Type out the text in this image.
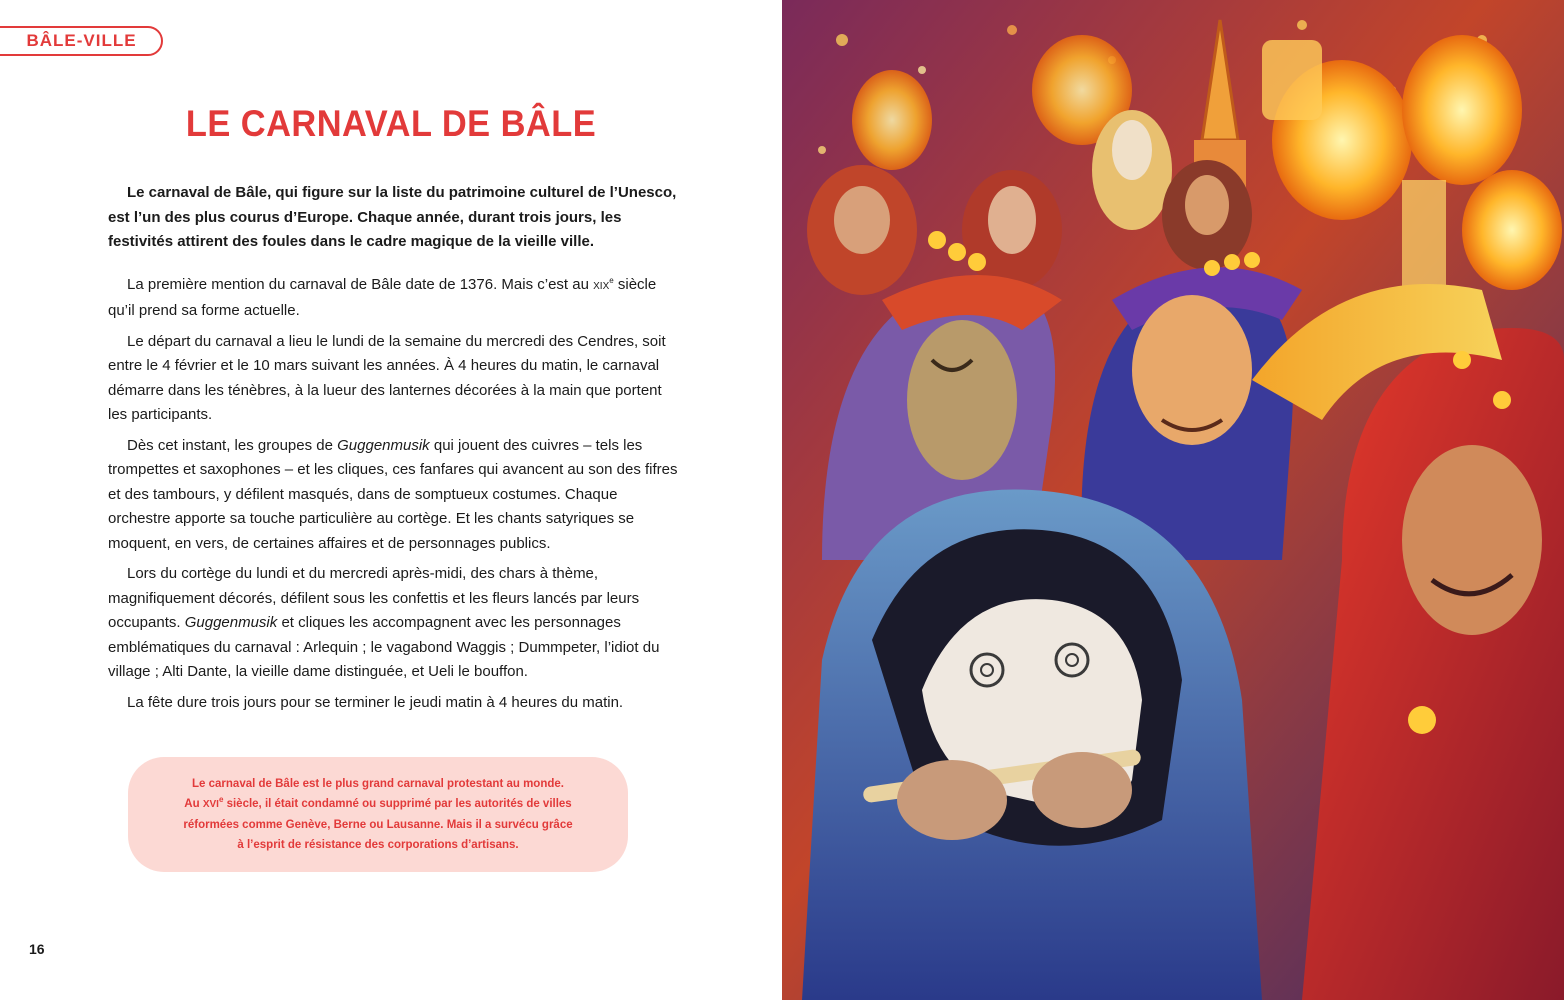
BÂLE-VILLE
LE CARNAVAL DE BÂLE

Le carnaval de Bâle, qui figure sur la liste du patrimoine culturel de l’Unesco, est l’un des plus courus d’Europe. Chaque année, durant trois jours, les festivités attirent des foules dans le cadre magique de la vieille ville.

La première mention du carnaval de Bâle date de 1376. Mais c’est au XIXe siècle qu’il prend sa forme actuelle.

Le départ du carnaval a lieu le lundi de la semaine du mercredi des Cendres, soit entre le 4 février et le 10 mars suivant les années. À 4 heures du matin, le carnaval démarre dans les ténèbres, à la lueur des lanternes décorées à la main que portent les participants.

Dès cet instant, les groupes de Guggenmusik qui jouent des cuivres – tels les trompettes et saxophones – et les cliques, ces fanfares qui avancent au son des fifres et des tambours, y défilent masqués, dans de somptueux costumes. Chaque orchestre apporte sa touche particulière au cortège. Et les chants satyriques se moquent, en vers, de certaines affaires et de personnages publics.

Lors du cortège du lundi et du mercredi après-midi, des chars à thème, magnifiquement décorés, défilent sous les confettis et les fleurs lancés par leurs occupants. Guggenmusik et cliques les accompagnent avec les personnages emblématiques du carnaval : Arlequin ; le vagabond Waggis ; Dummpeter, l’idiot du village ; Alti Dante, la vieille dame distinguée, et Ueli le bouffon.

La fête dure trois jours pour se terminer le jeudi matin à 4 heures du matin.

Le carnaval de Bâle est le plus grand carnaval protestant au monde.
Au XVIe siècle, il était condamné ou supprimé par les autorités de villes
réformées comme Genève, Berne ou Lausanne. Mais il a survécu grâce
à l’esprit de résistance des corporations d’artisans.

16
